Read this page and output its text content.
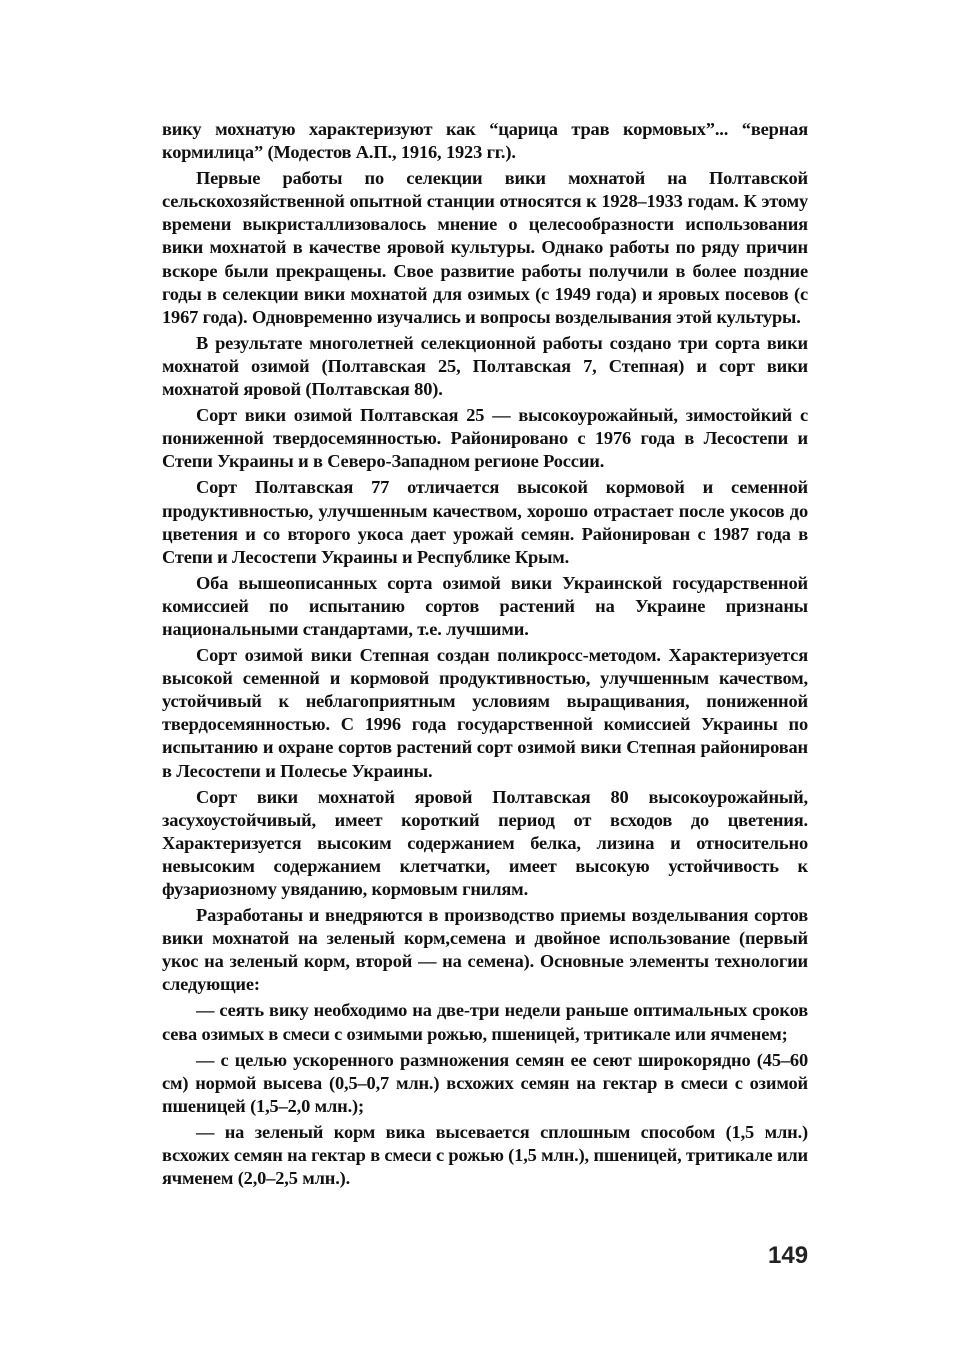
вику мохнатую характеризуют как “царица трав кормовых”... “верная кормилица” (Модестов А.П., 1916, 1923 гг.).

Первые работы по селекции вики мохнатой на Полтавской сельскохозяйственной опытной станции относятся к 1928–1933 годам. К этому времени выкристаллизовалось мнение о целесообразности использования вики мохнатой в качестве яровой культуры. Однако работы по ряду причин вскоре были прекращены. Свое развитие работы получили в более поздние годы в селекции вики мохнатой для озимых (с 1949 года) и яровых посевов (с 1967 года). Одновременно изучались и вопросы возделывания этой культуры.

В результате многолетней селекционной работы создано три сорта вики мохнатой озимой (Полтавская 25, Полтавская 7, Степная) и сорт вики мохнатой яровой (Полтавская 80).

Сорт вики озимой Полтавская 25 — высокоурожайный, зимостойкий с пониженной твердосемянностью. Районировано с 1976 года в Лесостепи и Степи Украины и в Северо-Западном регионе России.

Сорт Полтавская 77 отличается высокой кормовой и семенной продуктивностью, улучшенным качеством, хорошо отрастает после укосов до цветения и со второго укоса дает урожай семян. Районирован с 1987 года в Степи и Лесостепи Украины и Республике Крым.

Оба вышеописанных сорта озимой вики Украинской государственной комиссией по испытанию сортов растений на Украине признаны национальными стандартами, т.е. лучшими.

Сорт озимой вики Степная создан поликросс-методом. Характеризуется высокой семенной и кормовой продуктивностью, улучшенным качеством, устойчивый к неблагоприятным условиям выращивания, пониженной твердосемянностью. С 1996 года государственной комиссией Украины по испытанию и охране сортов растений сорт озимой вики Степная районирован в Лесостепи и Полесье Украины.

Сорт вики мохнатой яровой Полтавская 80 высокоурожайный, засухоустойчивый, имеет короткий период от всходов до цветения. Характеризуется высоким содержанием белка, лизина и относительно невысоким содержанием клетчатки, имеет высокую устойчивость к фузариозному увяданию, кормовым гнилям.

Разработаны и внедряются в производство приемы возделывания сортов вики мохнатой на зеленый корм,семена и двойное использование (первый укос на зеленый корм, второй — на семена). Основные элементы технологии следующие:

— сеять вику необходимо на две-три недели раньше оптимальных сроков сева озимых в смеси с озимыми рожью, пшеницей, тритикале или ячменем;

— с целью ускоренного размножения семян ее сеют широкорядно (45–60 см) нормой высева (0,5–0,7 млн.) всхожих семян на гектар в смеси с озимой пшеницей (1,5–2,0 млн.);

— на зеленый корм вика высевается сплошным способом (1,5 млн.) всхожих семян на гектар в смеси с рожью (1,5 млн.), пшеницей, тритикале или ячменем (2,0–2,5 млн.).

149
